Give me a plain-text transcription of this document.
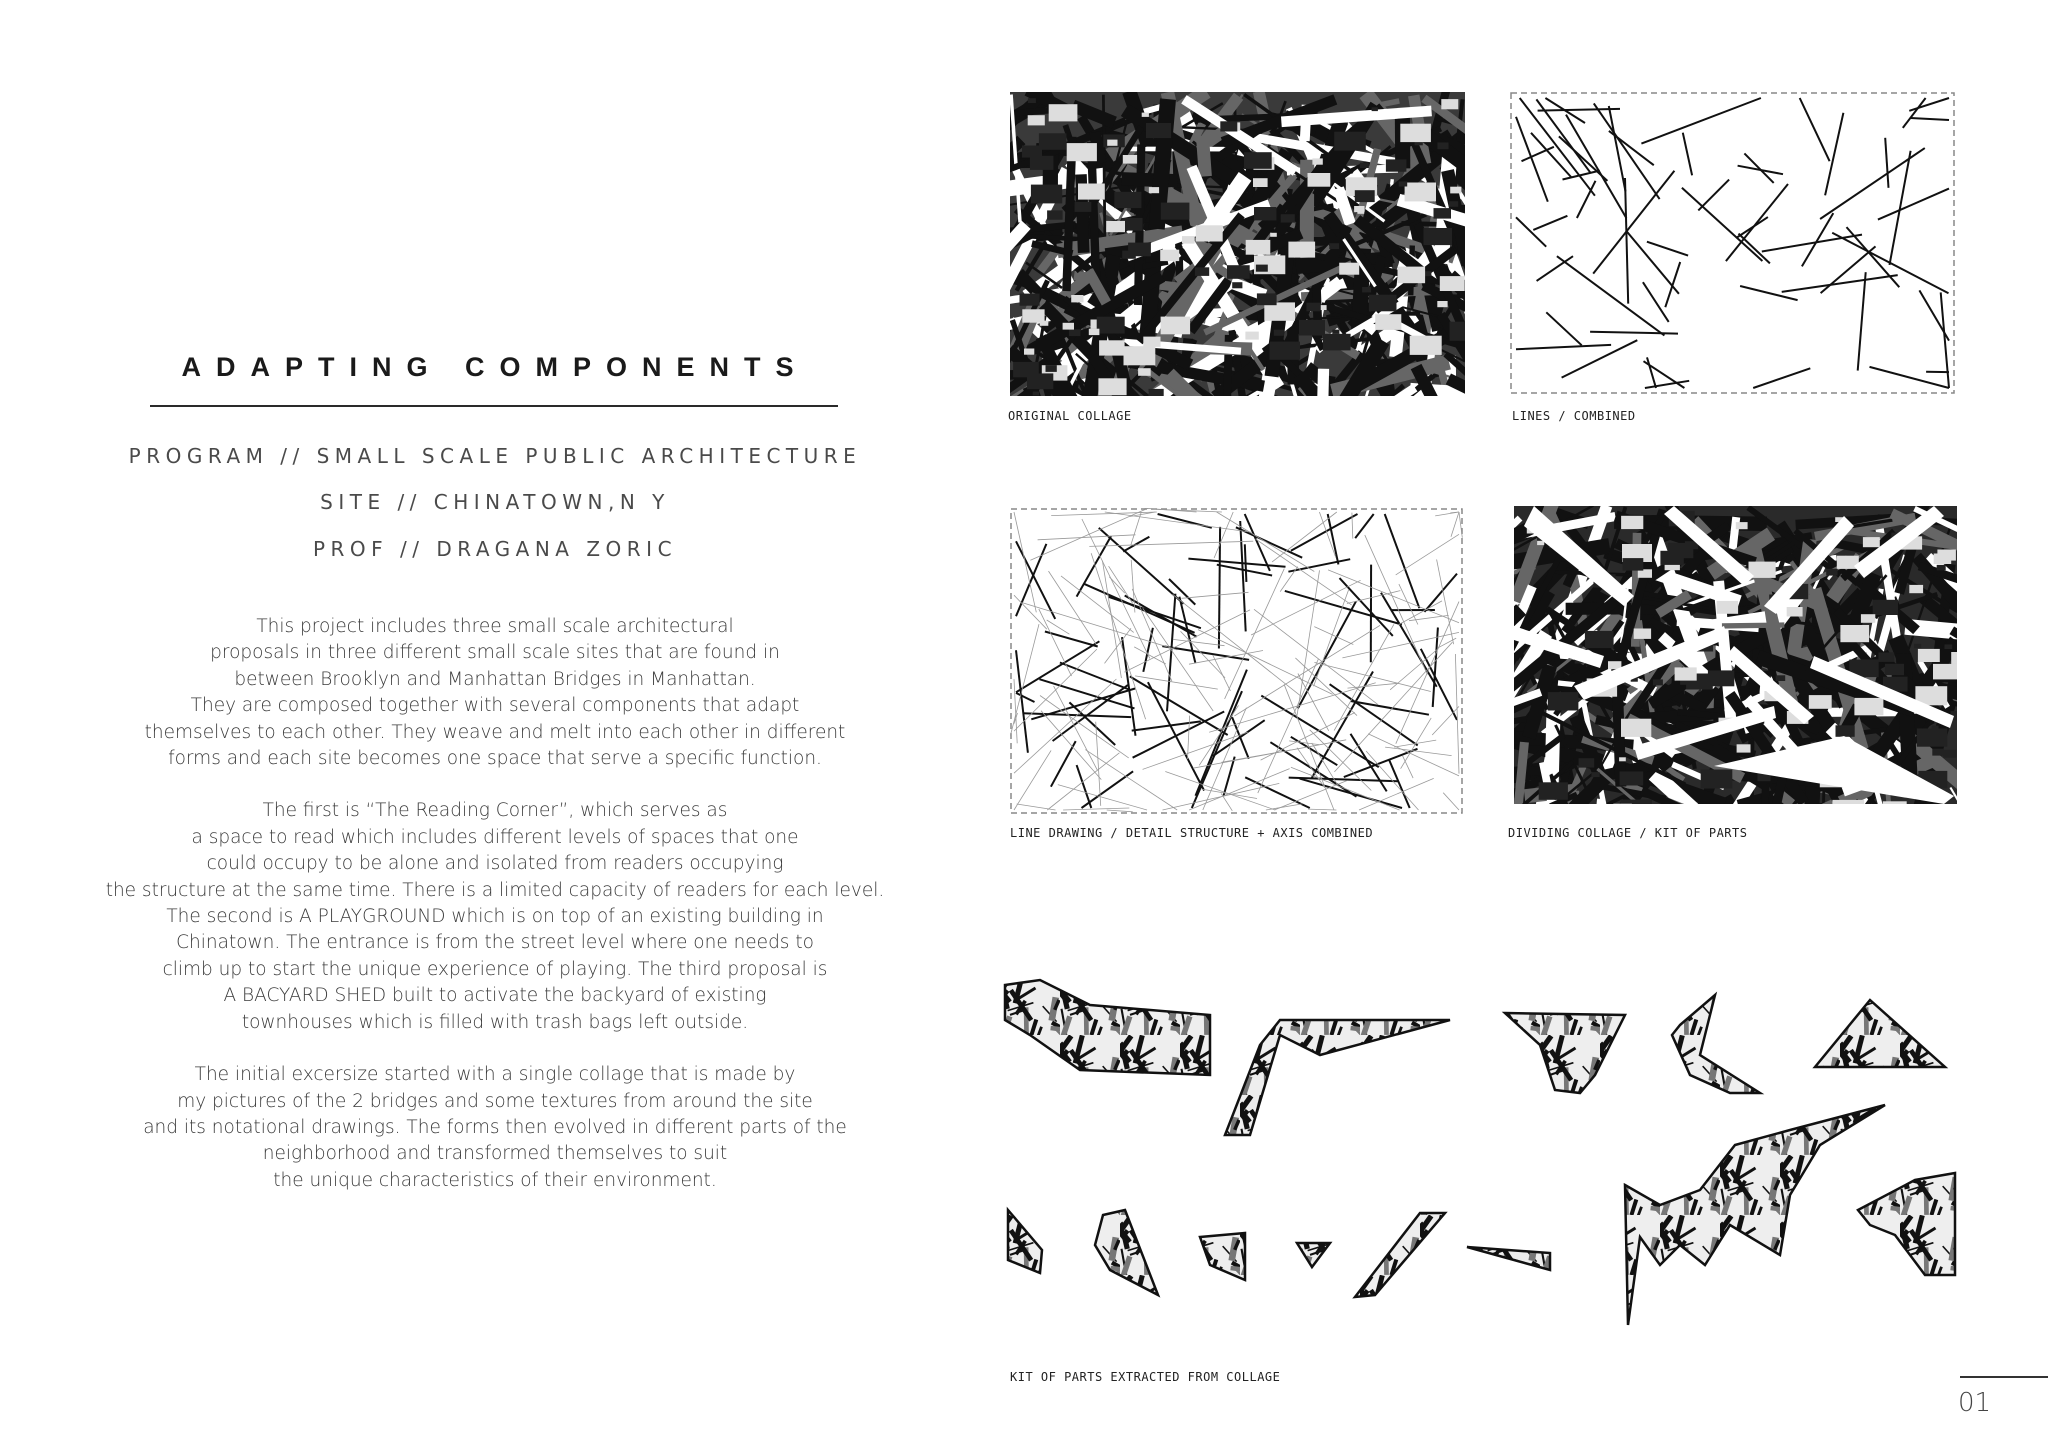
ADAPTING COMPONENTS
PROGRAM // SMALL SCALE PUBLIC ARCHITECTURE
SITE // CHINATOWN,N Y
PROF // DRAGANA ZORIC

This project includes three small scale architectural
proposals in three different small scale sites that are found in
between Brooklyn and Manhattan Bridges in Manhattan.
They are composed together with several components that adapt
themselves to each other. They weave and melt into each other in different
forms and each site becomes one space that serve a specific function.

The first is “The Reading Corner”, which serves as
a space to read which includes different levels of spaces that one
could occupy to be alone and isolated from readers occupying
the structure at the same time. There is a limited capacity of readers for each level.
The second is A PLAYGROUND which is on top of an existing building in
Chinatown. The entrance is from the street level where one needs to
climb up to start the unique experience of playing. The third proposal is
A BACYARD SHED built to activate the backyard of existing
townhouses which is filled with trash bags left outside.

The initial excersize started with a single collage that is made by
my pictures of the 2 bridges and some textures from around the site
and its notational drawings. The forms then evolved in different parts of the
neighborhood and transformed themselves to suit
the unique characteristics of their environment.

ORIGINAL COLLAGE	LINES / COMBINED
LINE DRAWING / DETAIL STRUCTURE + AXIS COMBINED	DIVIDING COLLAGE / KIT OF PARTS
KIT OF PARTS EXTRACTED FROM COLLAGE
01
